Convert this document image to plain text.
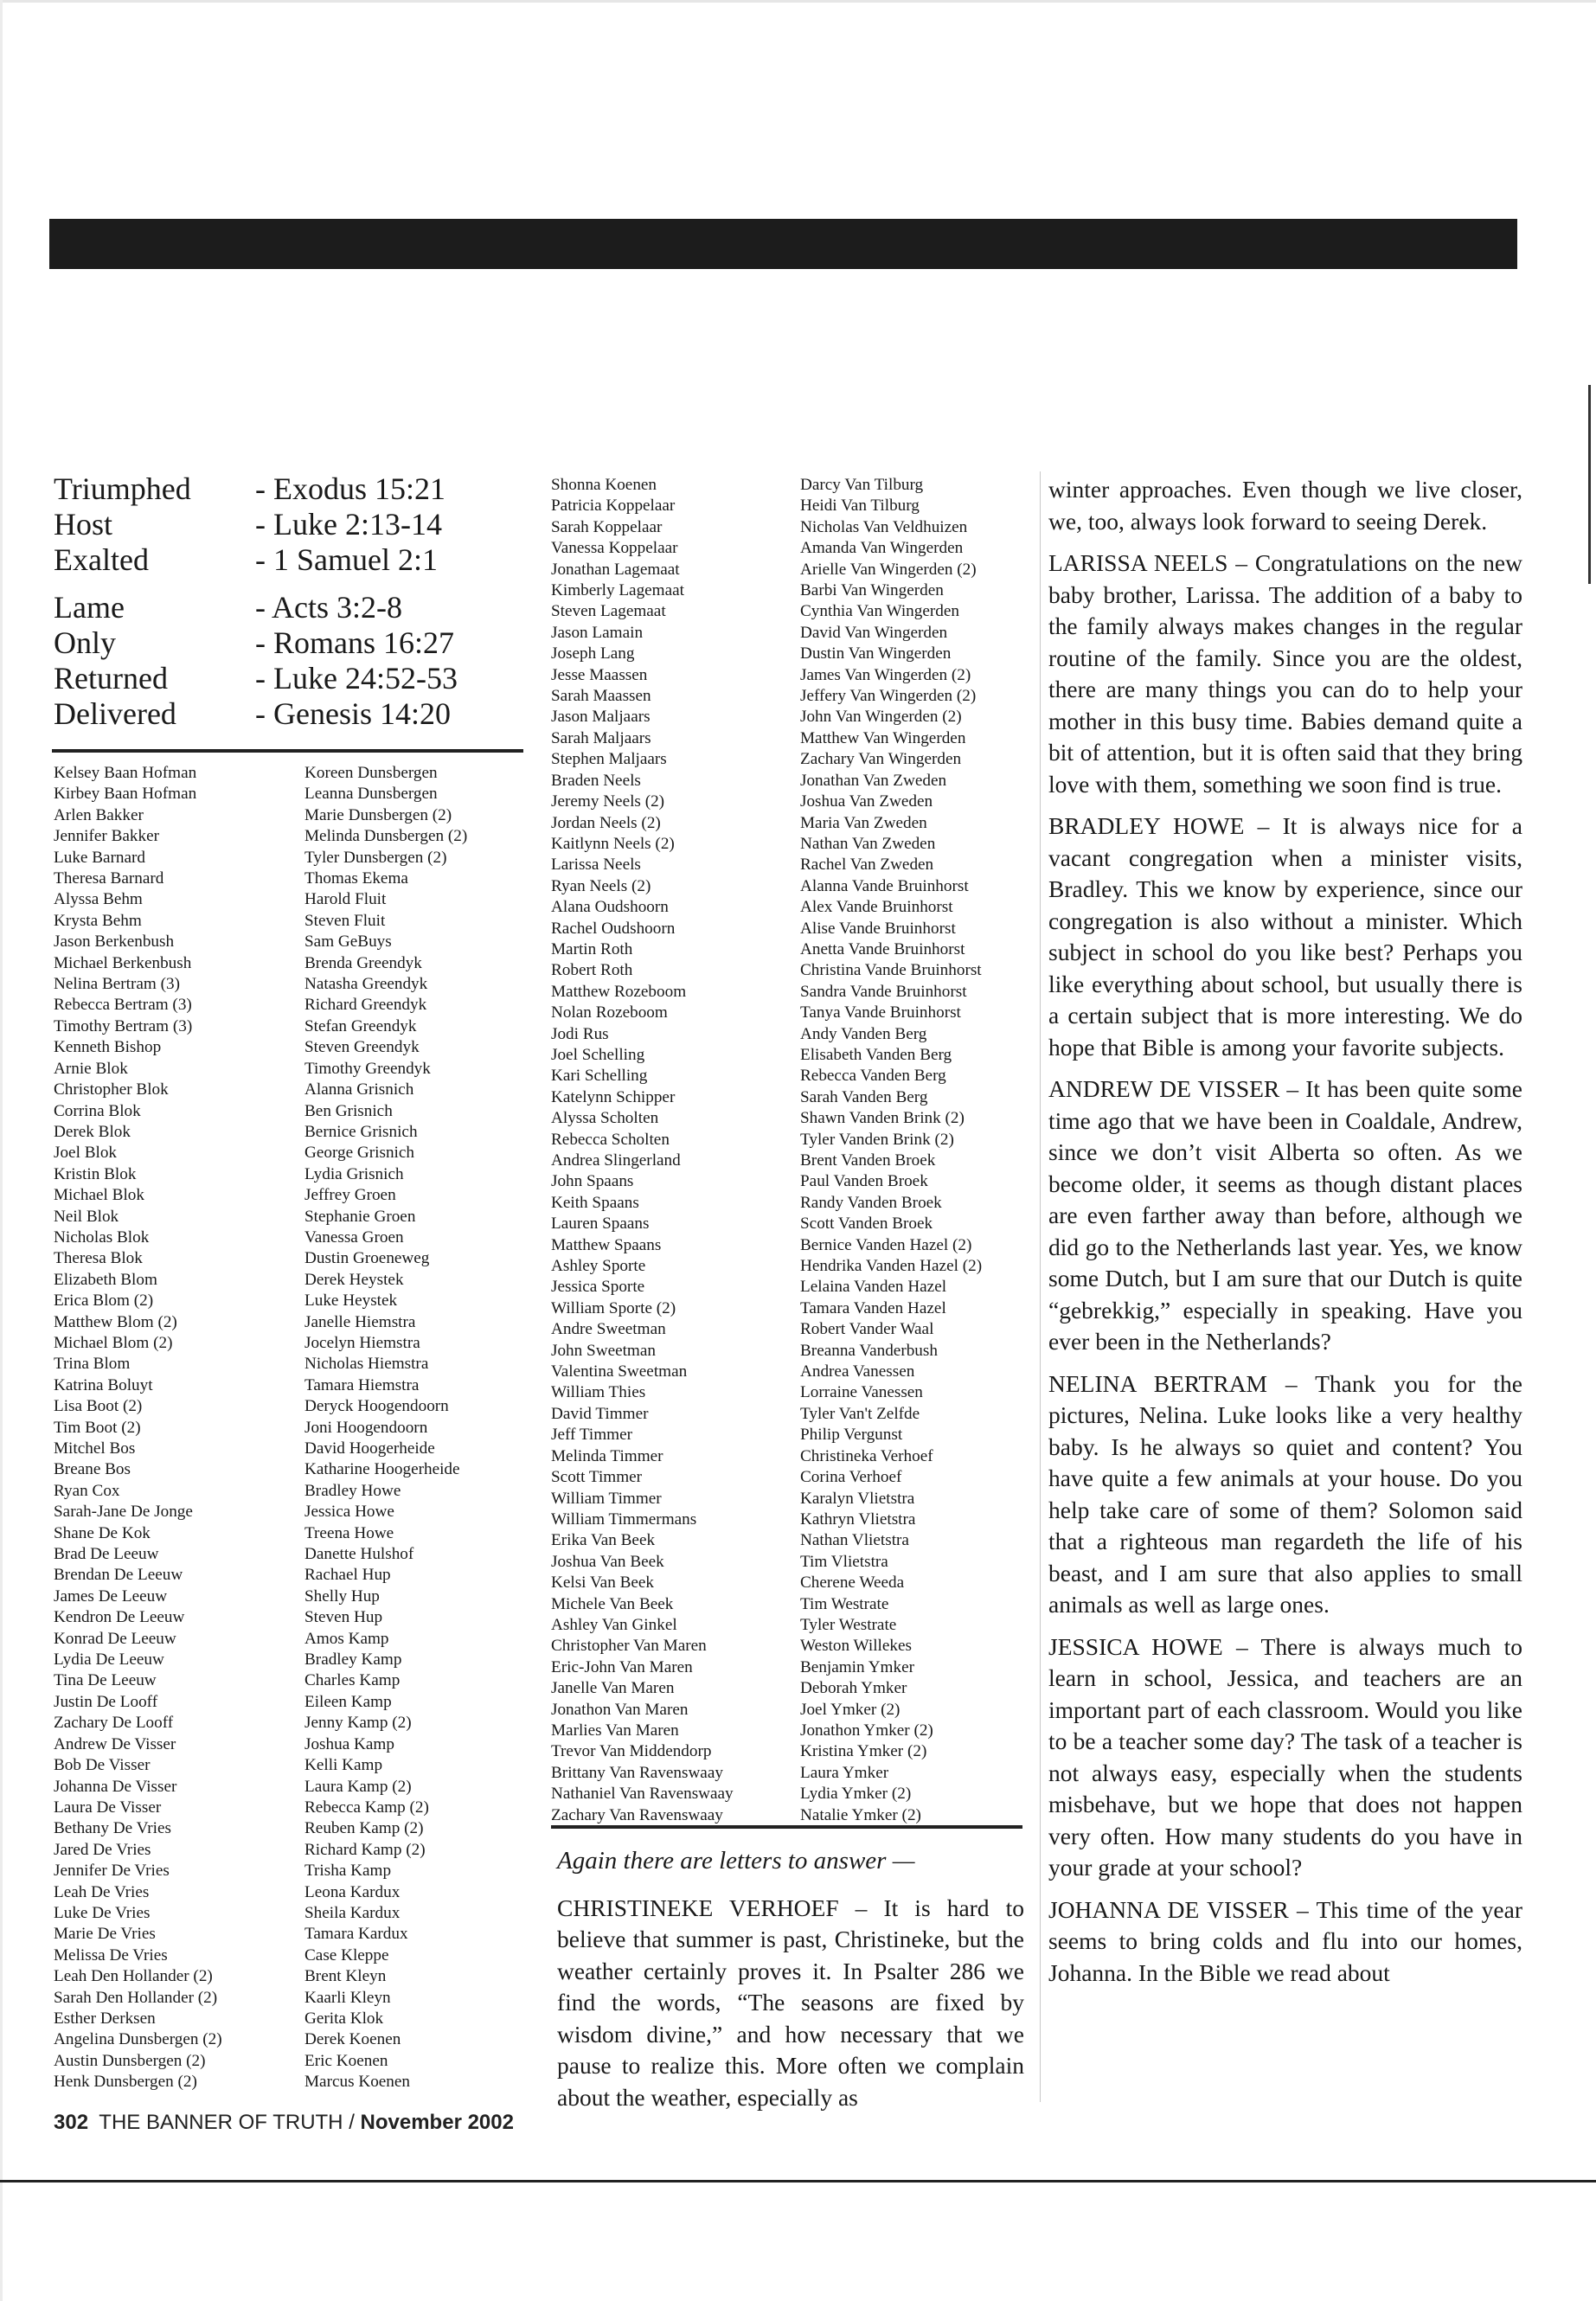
Triumphed	- Exodus 15:21
Host	- Luke 2:13-14
Exalted	- 1 Samuel 2:1
Lame	- Acts 3:2-8
Only	- Romans 16:27
Returned	- Luke 24:52-53
Delivered	- Genesis 14:20
Kelsey Baan Hofman
Kirbey Baan Hofman
Arlen Bakker
Jennifer Bakker
Luke Barnard
Theresa Barnard
Alyssa Behm
Krysta Behm
Jason Berkenbush
Michael Berkenbush
Nelina Bertram (3)
Rebecca Bertram (3)
Timothy Bertram (3)
Kenneth Bishop
Arnie Blok
Christopher Blok
Corrina Blok
Derek Blok
Joel Blok
Kristin Blok
Michael Blok
Neil Blok
Nicholas Blok
Theresa Blok
Elizabeth Blom
Erica Blom (2)
Matthew Blom (2)
Michael Blom (2)
Trina Blom
Katrina Boluyt
Lisa Boot (2)
Tim Boot (2)
Mitchel Bos
Breane Bos
Ryan Cox
Sarah-Jane De Jonge
Shane De Kok
Brad De Leeuw
Brendan De Leeuw
James De Leeuw
Kendron De Leeuw
Konrad De Leeuw
Lydia De Leeuw
Tina De Leeuw
Justin De Looff
Zachary De Looff
Andrew De Visser
Bob De Visser
Johanna De Visser
Laura De Visser
Bethany De Vries
Jared De Vries
Jennifer De Vries
Leah De Vries
Luke De Vries
Marie De Vries
Melissa De Vries
Leah Den Hollander (2)
Sarah Den Hollander (2)
Esther Derksen
Angelina Dunsbergen (2)
Austin Dunsbergen (2)
Henk Dunsbergen (2)
Koreen Dunsbergen
Leanna Dunsbergen
Marie Dunsbergen (2)
Melinda Dunsbergen (2)
Tyler Dunsbergen (2)
Thomas Ekema
Harold Fluit
Steven Fluit
Sam GeBuys
Brenda Greendyk
Natasha Greendyk
Richard Greendyk
Stefan Greendyk
Steven Greendyk
Timothy Greendyk
Alanna Grisnich
Ben Grisnich
Bernice Grisnich
George Grisnich
Lydia Grisnich
Jeffrey Groen
Stephanie Groen
Vanessa Groen
Dustin Groeneweg
Derek Heystek
Luke Heystek
Janelle Hiemstra
Jocelyn Hiemstra
Nicholas Hiemstra
Tamara Hiemstra
Deryck Hoogendoorn
Joni Hoogendoorn
David Hoogerheide
Katharine Hoogerheide
Bradley Howe
Jessica Howe
Treena Howe
Danette Hulshof
Rachael Hup
Shelly Hup
Steven Hup
Amos Kamp
Bradley Kamp
Charles Kamp
Eileen Kamp
Jenny Kamp (2)
Joshua Kamp
Kelli Kamp
Laura Kamp (2)
Rebecca Kamp (2)
Reuben Kamp (2)
Richard Kamp (2)
Trisha Kamp
Leona Kardux
Sheila Kardux
Tamara Kardux
Case Kleppe
Brent Kleyn
Kaarli Kleyn
Gerita Klok
Derek Koenen
Eric Koenen
Marcus Koenen
Shonna Koenen
Patricia Koppelaar
Sarah Koppelaar
Vanessa Koppelaar
Jonathan Lagemaat
Kimberly Lagemaat
Steven Lagemaat
Jason Lamain
Joseph Lang
Jesse Maassen
Sarah Maassen
Jason Maljaars
Sarah Maljaars
Stephen Maljaars
Braden Neels
Jeremy Neels (2)
Jordan Neels (2)
Kaitlynn Neels (2)
Larissa Neels
Ryan Neels (2)
Alana Oudshoorn
Rachel Oudshoorn
Martin Roth
Robert Roth
Matthew Rozeboom
Nolan Rozeboom
Jodi Rus
Joel Schelling
Kari Schelling
Katelynn Schipper
Alyssa Scholten
Rebecca Scholten
Andrea Slingerland
John Spaans
Keith Spaans
Lauren Spaans
Matthew Spaans
Ashley Sporte
Jessica Sporte
William Sporte (2)
Andre Sweetman
John Sweetman
Valentina Sweetman
William Thies
David Timmer
Jeff Timmer
Melinda Timmer
Scott Timmer
William Timmer
William Timmermans
Erika Van Beek
Joshua Van Beek
Kelsi Van Beek
Michele Van Beek
Ashley Van Ginkel
Christopher Van Maren
Eric-John Van Maren
Janelle Van Maren
Jonathon Van Maren
Marlies Van Maren
Trevor Van Middendorp
Brittany Van Ravenswaay
Nathaniel Van Ravenswaay
Zachary Van Ravenswaay
Darcy Van Tilburg
Heidi Van Tilburg
Nicholas Van Veldhuizen
Amanda Van Wingerden
Arielle Van Wingerden (2)
Barbi Van Wingerden
Cynthia Van Wingerden
David Van Wingerden
Dustin Van Wingerden
James Van Wingerden (2)
Jeffery Van Wingerden (2)
John Van Wingerden (2)
Matthew Van Wingerden
Zachary Van Wingerden
Jonathan Van Zweden
Joshua Van Zweden
Maria Van Zweden
Nathan Van Zweden
Rachel Van Zweden
Alanna Vande Bruinhorst
Alex Vande Bruinhorst
Alise Vande Bruinhorst
Anetta Vande Bruinhorst
Christina Vande Bruinhorst
Sandra Vande Bruinhorst
Tanya Vande Bruinhorst
Andy Vanden Berg
Elisabeth Vanden Berg
Rebecca Vanden Berg
Sarah Vanden Berg
Shawn Vanden Brink (2)
Tyler Vanden Brink (2)
Brent Vanden Broek
Paul Vanden Broek
Randy Vanden Broek
Scott Vanden Broek
Bernice Vanden Hazel (2)
Hendrika Vanden Hazel (2)
Lelaina Vanden Hazel
Tamara Vanden Hazel
Robert Vander Waal
Breanna Vanderbush
Andrea Vanessen
Lorraine Vanessen
Tyler Van't Zelfde
Philip Vergunst
Christineka Verhoef
Corina Verhoef
Karalyn Vlietstra
Kathryn Vlietstra
Nathan Vlietstra
Tim Vlietstra
Cherene Weeda
Tim Westrate
Tyler Westrate
Weston Willekes
Benjamin Ymker
Deborah Ymker
Joel Ymker (2)
Jonathon Ymker (2)
Kristina Ymker (2)
Laura Ymker
Lydia Ymker (2)
Natalie Ymker (2)

Again there are letters to answer —

CHRISTINEKE VERHOEF – It is hard to believe that summer is past, Christineke, but the weather certainly proves it. In Psalter 286 we find the words, “The seasons are fixed by wisdom divine,” and how necessary that we pause to realize this. More often we complain about the weather, especially as

winter approaches. Even though we live closer, we, too, always look forward to seeing Derek.

LARISSA NEELS – Congratulations on the new baby brother, Larissa. The addition of a baby to the family always makes changes in the regular routine of the family. Since you are the oldest, there are many things you can do to help your mother in this busy time. Babies demand quite a bit of attention, but it is often said that they bring love with them, something we soon find is true.

BRADLEY HOWE – It is always nice for a vacant congregation when a minister visits, Bradley. This we know by experience, since our congregation is also without a minister. Which subject in school do you like best? Perhaps you like everything about school, but usually there is a certain subject that is more interesting. We do hope that Bible is among your favorite subjects.

ANDREW DE VISSER – It has been quite some time ago that we have been in Coaldale, Andrew, since we don’t visit Alberta so often. As we become older, it seems as though distant places are even farther away than before, although we did go to the Netherlands last year. Yes, we know some Dutch, but I am sure that our Dutch is quite “gebrekkig,” especially in speaking. Have you ever been in the Netherlands?

NELINA BERTRAM – Thank you for the pictures, Nelina. Luke looks like a very healthy baby. Is he always so quiet and content? You have quite a few animals at your house. Do you help take care of some of them? Solomon said that a righteous man regardeth the life of his beast, and I am sure that also applies to small animals as well as large ones.

JESSICA HOWE – There is always much to learn in school, Jessica, and teachers are an important part of each classroom. Would you like to be a teacher some day? The task of a teacher is not always easy, especially when the students misbehave, but we hope that does not happen very often. How many students do you have in your grade at your school?

JOHANNA DE VISSER – This time of the year seems to bring colds and flu into our homes, Johanna. In the Bible we read about

302 THE BANNER OF TRUTH / November 2002
